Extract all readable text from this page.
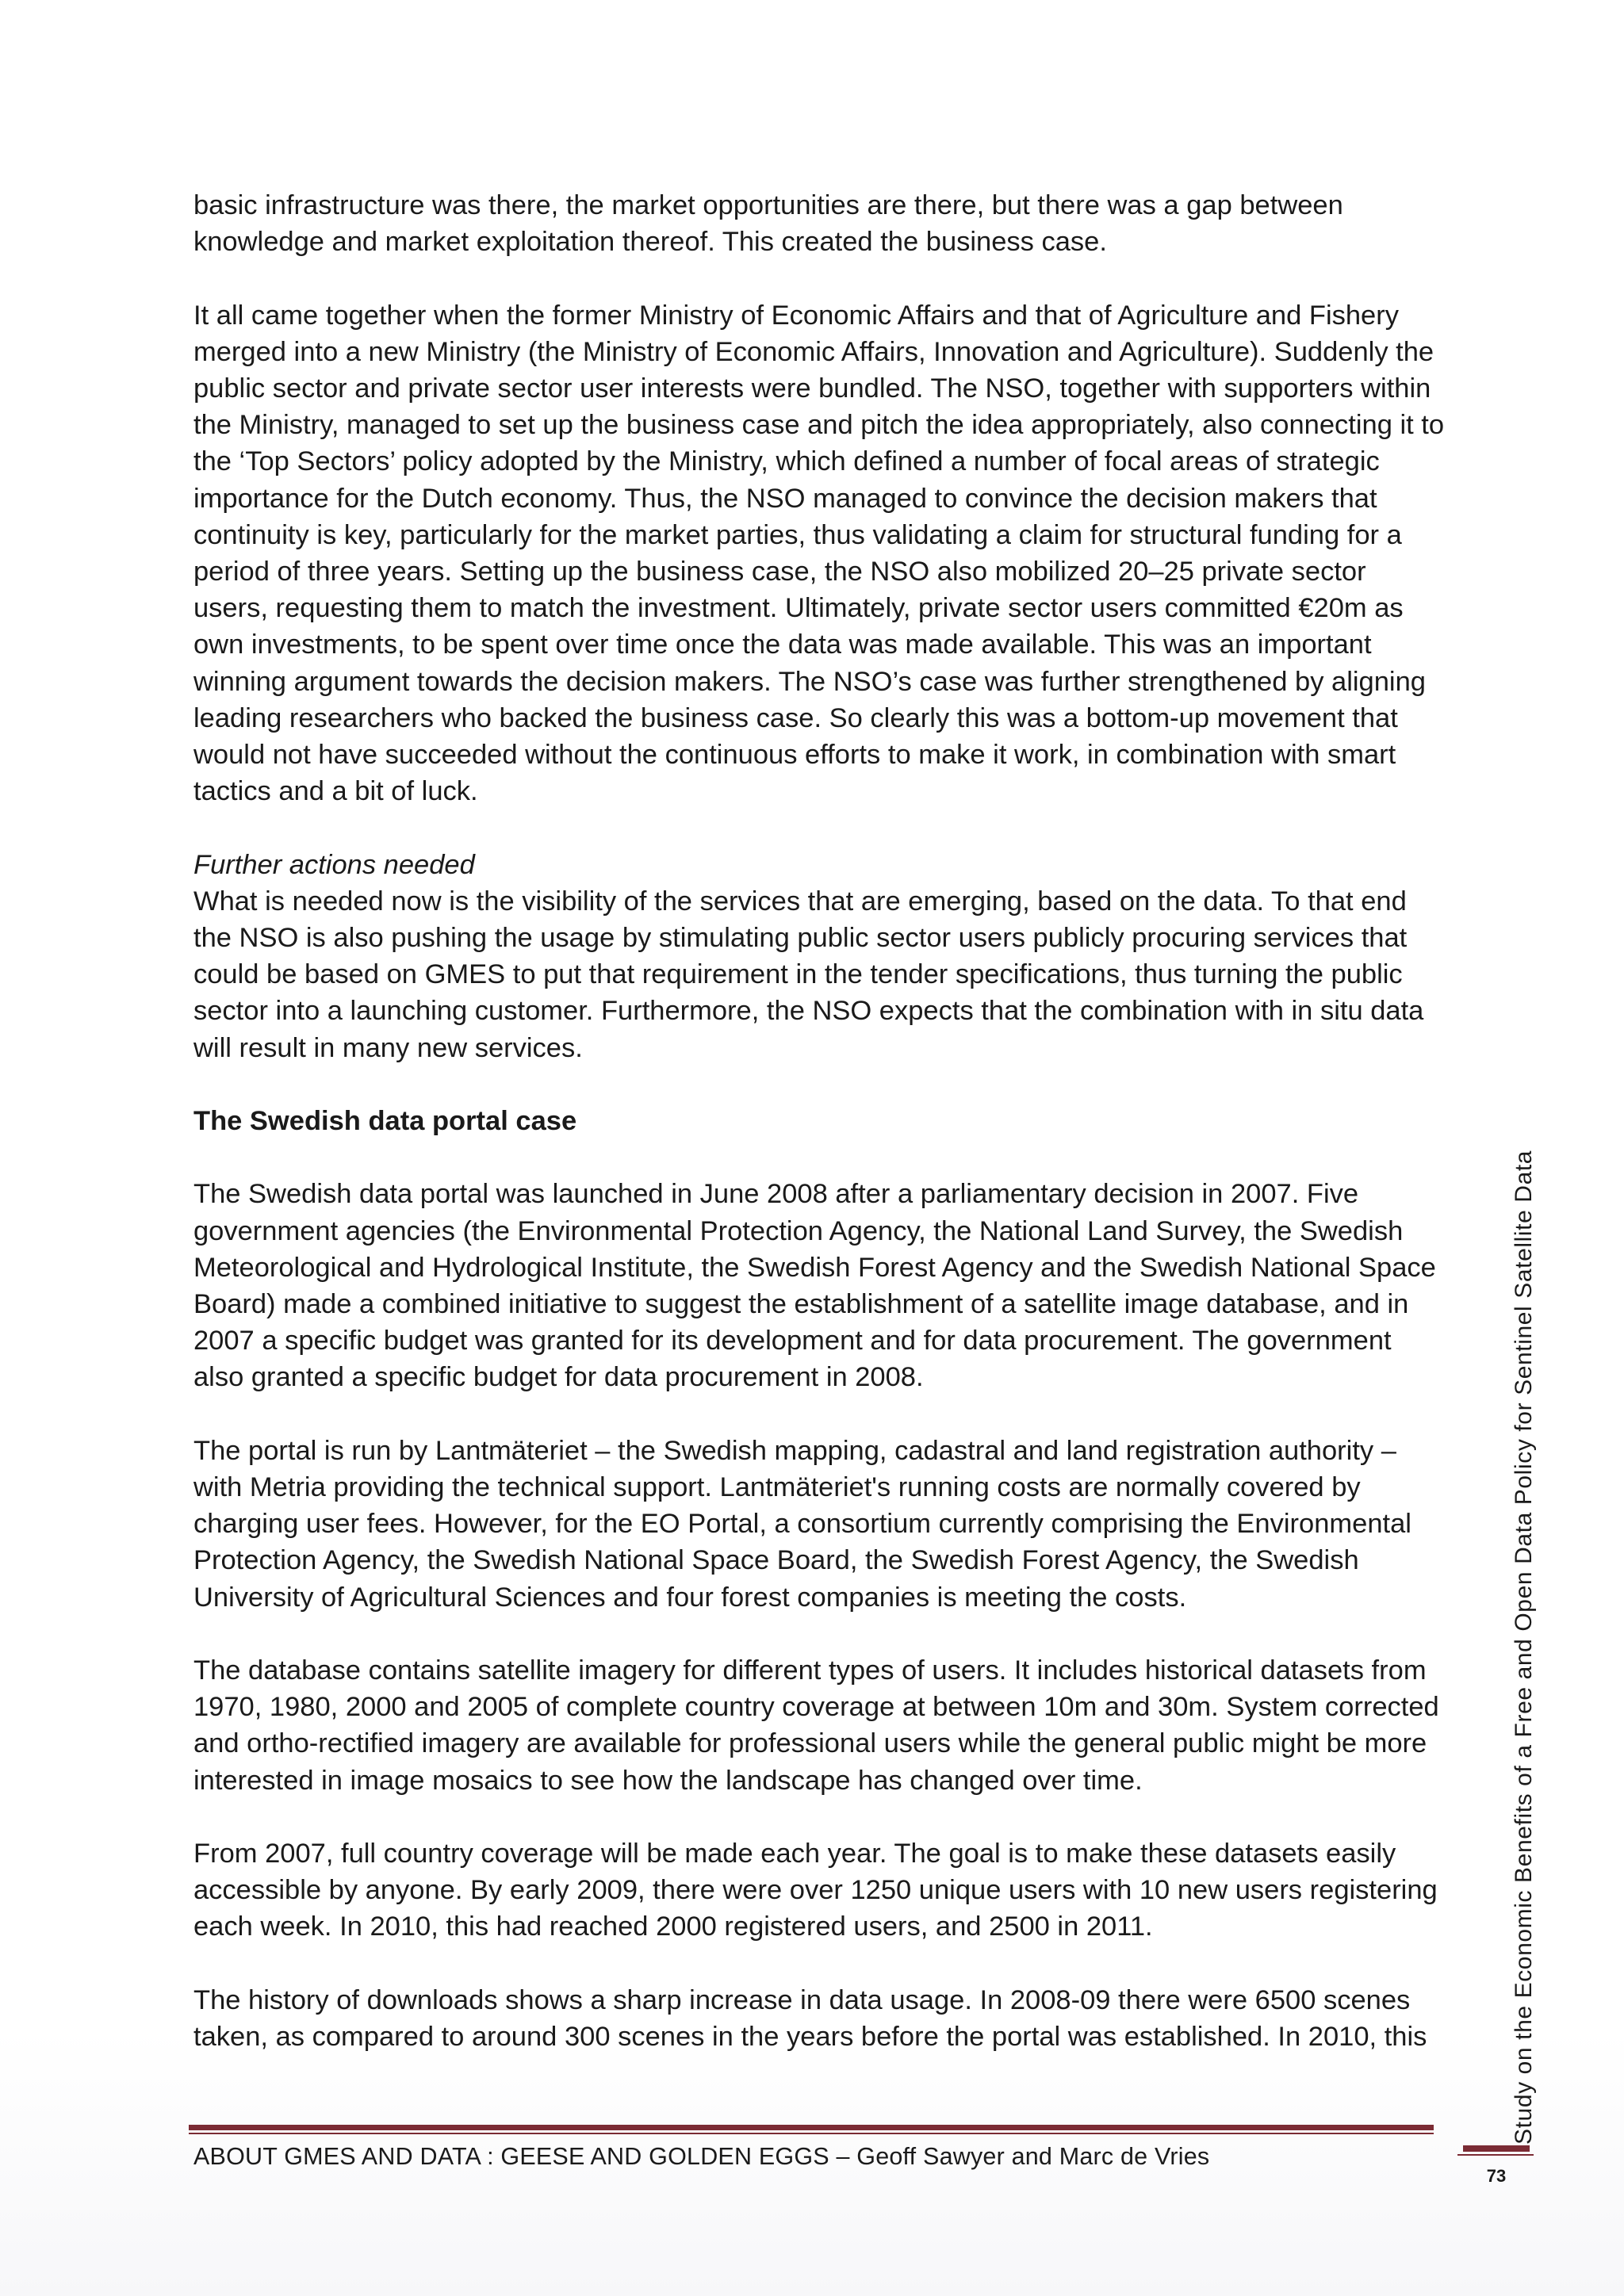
basic infrastructure was there, the market opportunities are there, but there was a gap between knowledge and market exploitation thereof. This created the business case.

It all came together when the former Ministry of Economic Affairs and that of Agriculture and Fishery merged into a new Ministry (the Ministry of Economic Affairs, Innovation and Agriculture). Suddenly the public sector and private sector user interests were bundled. The NSO, together with supporters within the Ministry, managed to set up the business case and pitch the idea appropriately, also connecting it to the ‘Top Sectors’ policy adopted by the Ministry, which defined a number of focal areas of strategic importance for the Dutch economy. Thus, the NSO managed to convince the decision makers that continuity is key, particularly for the market parties, thus validating a claim for structural funding for a period of three years. Setting up the business case, the NSO also mobilized 20–25 private sector users, requesting them to match the investment. Ultimately, private sector users committed €20m as own investments, to be spent over time once the data was made available. This was an important winning argument towards the decision makers. The NSO’s case was further strengthened by aligning leading researchers who backed the business case. So clearly this was a bottom-up movement that would not have succeeded without the continuous efforts to make it work, in combination with smart tactics and a bit of luck.

Further actions needed

What is needed now is the visibility of the services that are emerging, based on the data. To that end the NSO is also pushing the usage by stimulating public sector users publicly procuring services that could be based on GMES to put that requirement in the tender specifications, thus turning the public sector into a launching customer. Furthermore, the NSO expects that the combination with in situ data will result in many new services.

The Swedish data portal case

The Swedish data portal was launched in June 2008 after a parliamentary decision in 2007. Five government agencies (the Environmental Protection Agency, the National Land Survey, the Swedish Meteorological and Hydrological Institute, the Swedish Forest Agency and the Swedish National Space Board) made a combined initiative to suggest the establishment of a satellite image database, and in 2007 a specific budget was granted for its development and for data procurement. The government also granted a specific budget for data procurement in 2008.

The portal is run by Lantmäteriet – the Swedish mapping, cadastral and land registration authority – with Metria providing the technical support. Lantmäteriet's running costs are normally covered by charging user fees. However, for the EO Portal, a consortium currently comprising the Environmental Protection Agency, the Swedish National Space Board, the Swedish Forest Agency, the Swedish University of Agricultural Sciences and four forest companies is meeting the costs.

The database contains satellite imagery for different types of users. It includes historical datasets from 1970, 1980, 2000 and 2005 of complete country coverage at between 10m and 30m. System corrected and ortho-rectified imagery are available for professional users while the general public might be more interested in image mosaics to see how the landscape has changed over time.

From 2007, full country coverage will be made each year. The goal is to make these datasets easily accessible by anyone. By early 2009, there were over 1250 unique users with 10 new users registering each week. In 2010, this had reached 2000 registered users, and 2500 in 2011.

The history of downloads shows a sharp increase in data usage. In 2008-09 there were 6500 scenes taken, as compared to around 300 scenes in the years before the portal was established. In 2010, this	Study on the Economic Benefits of a Free and Open Data Policy for Sentinel Satellite Data
ABOUT GMES AND DATA : GEESE AND GOLDEN EGGS – Geoff Sawyer and Marc de Vries
73
